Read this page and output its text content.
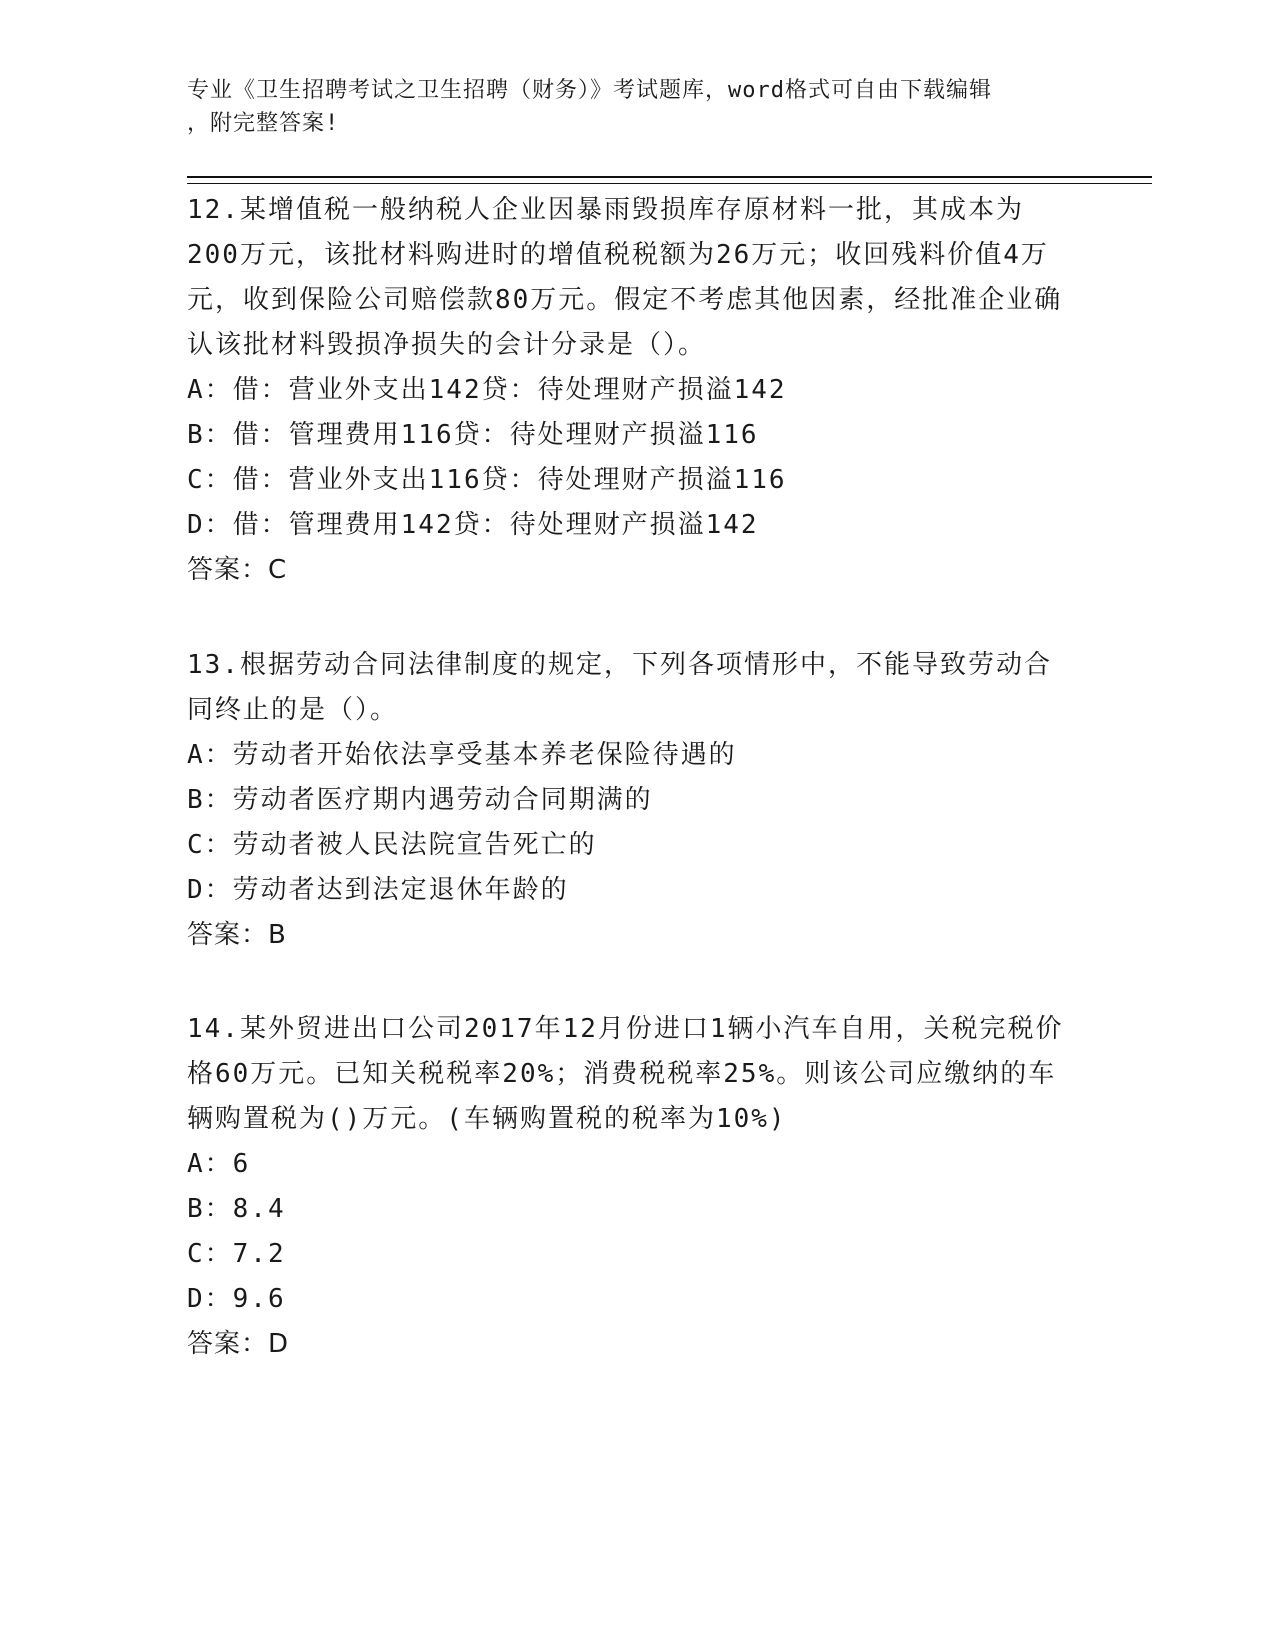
专业《卫生招聘考试之卫生招聘（财务）》考试题库，word格式可自由下载编辑
，附完整答案!

12.某增值税一般纳税人企业因暴雨毁损库存原材料一批，其成本为200万元，该批材料购进时的增值税税额为26万元；收回残料价值4万元，收到保险公司赔偿款80万元。假定不考虑其他因素，经批准企业确认该批材料毁损净损失的会计分录是（）。

A：借：营业外支出142贷：待处理财产损溢142

B：借：管理费用116贷：待处理财产损溢116

C：借：营业外支出116贷：待处理财产损溢116

D：借：管理费用142贷：待处理财产损溢142

答案：C

13.根据劳动合同法律制度的规定，下列各项情形中，不能导致劳动合同终止的是（）。

A：劳动者开始依法享受基本养老保险待遇的

B：劳动者医疗期内遇劳动合同期满的

C：劳动者被人民法院宣告死亡的

D：劳动者达到法定退休年龄的

答案：B

14.某外贸进出口公司2017年12月份进口1辆小汽车自用，关税完税价格60万元。已知关税税率20%；消费税税率25%。则该公司应缴纳的车辆购置税为()万元。(车辆购置税的税率为10%)

A：6

B：8.4

C：7.2

D：9.6

答案：D
